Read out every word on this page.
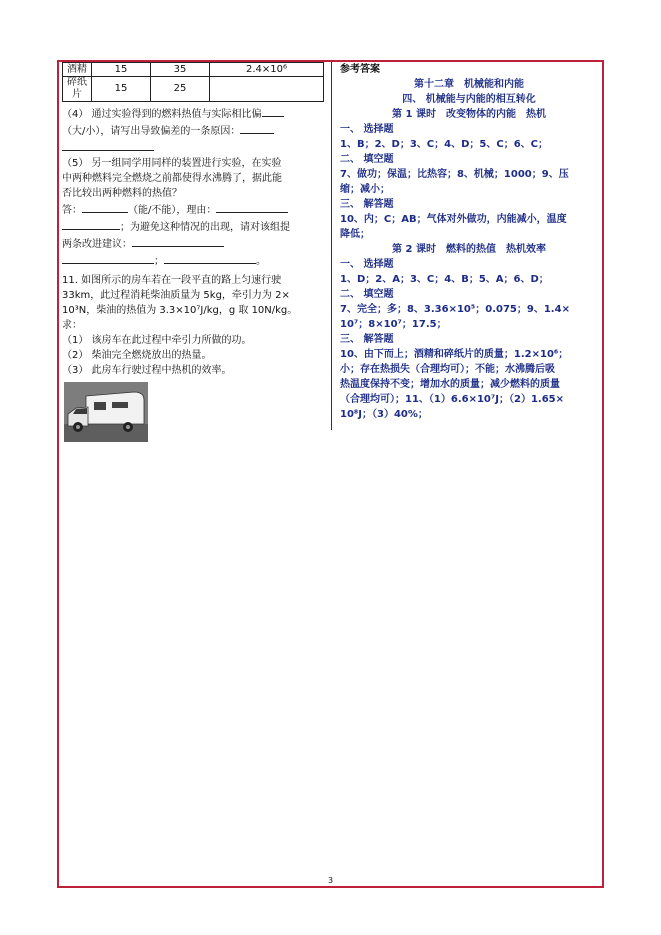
酒精	15	35	2.4×10⁶
碎纸片	15	25	

（4） 通过实验得到的燃料热值与实际相比偏

（大/小），请写出导致偏差的一条原因：

（5） 另一组同学用同样的装置进行实验，在实验

中两种燃料完全燃烧之前都使得水沸腾了，据此能

否比较出两种燃料的热值？

答：	（能/不能），理由：

；为避免这种情况的出现，请对该组提

两条改进建议：

；	。

11. 如图所示的房车若在一段平直的路上匀速行驶

33km，此过程消耗柴油质量为 5kg，牵引力为 2×

10³N，柴油的热值为 3.3×10⁷J/kg，g 取 10N/kg。

求：

（1） 该房车在此过程中牵引力所做的功。

（2） 柴油完全燃烧放出的热量。

（3） 此房车行驶过程中热机的效率。

参考答案

第十二章　机械能和内能

四、 机械能与内能的相互转化

第 1 课时　改变物体的内能　热机

一、 选择题

1、B；2、D；3、C；4、D；5、C；6、C；

二、 填空题

7、做功；保温；比热容；8、机械；1000；9、压

缩；减小；

三、 解答题

10、内；C；AB；气体对外做功，内能减小，温度

降低；

第 2 课时　燃料的热值　热机效率

一、 选择题

1、D；2、A；3、C；4、B；5、A；6、D；

二、 填空题

7、完全；多；8、3.36×10⁵；0.075；9、1.4×

10⁷；8×10⁷；17.5；

三、 解答题

10、由下而上；酒精和碎纸片的质量；1.2×10⁶；

小；存在热损失（合理均可）；不能；水沸腾后吸

热温度保持不变；增加水的质量；减少燃料的质量

（合理均可）；11、（1）6.6×10⁷J；（2）1.65×

10⁸J；（3）40%；

3
